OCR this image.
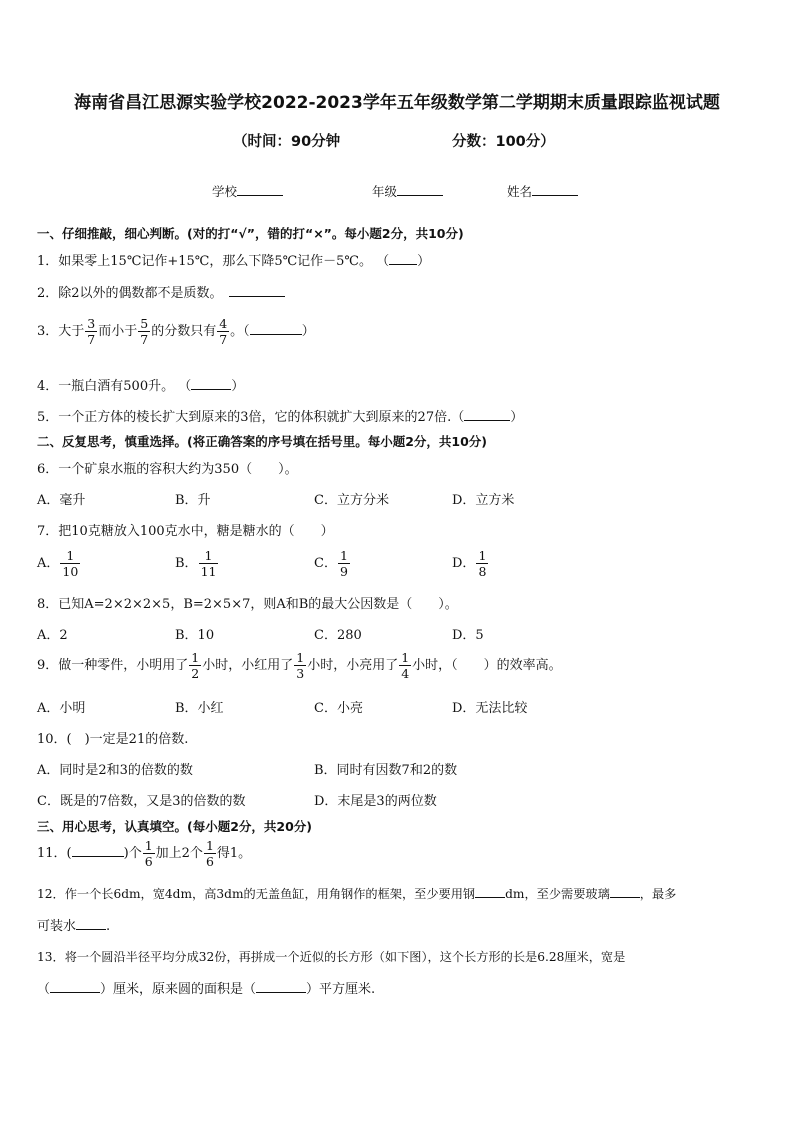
海南省昌江思源实验学校2022-2023学年五年级数学第二学期期末质量跟踪监视试题
（时间：90分钟	分数：100分）
学校	年级	姓名
一、仔细推敲，细心判断。(对的打“√”，错的打“×”。每小题2分，共10分)
1．如果零上15℃记作+15℃，那么下降5℃记作－5℃。 （ ）
2．除2以外的偶数都不是质数。
3．大于 $\frac{3}{7}$ 而小于 $\frac{5}{7}$ 的分数只有 $\frac{4}{7}$ 。（	）
4．一瓶白酒有500升。 （	）
5．一个正方体的棱长扩大到原来的3倍，它的体积就扩大到原来的27倍.（	）
二、反复思考，慎重选择。(将正确答案的序号填在括号里。每小题2分，共10分)
6．一个矿泉水瓶的容积大约为350（　　）。
A．毫升	B．升	C．立方分米	D．立方米
7．把10克糖放入100克水中，糖是糖水的（　　）
A． $\frac{1}{10}$	B． $\frac{1}{11}$	C． $\frac{1}{9}$	D． $\frac{1}{8}$
8．已知A=2×2×2×5，B=2×5×7，则A和B的最大公因数是（　　）。
A．2	B．10	C．280	D．5
9．做一种零件，小明用了 $\frac{1}{2}$ 小时，小红用了 $\frac{1}{3}$ 小时，小亮用了 $\frac{1}{4}$ 小时，（　　）的效率高。
A．小明	B．小红	C．小亮	D．无法比较
10．(　)一定是21的倍数.
A．同时是2和3的倍数的数	B．同时有因数7和2的数
C．既是的7倍数，又是3的倍数的数	D．末尾是3的两位数
三、用心思考，认真填空。(每小题2分，共20分)
11．(	)个 $\frac{1}{6}$ 加上2个 $\frac{1}{6}$ 得1。
12．作一个长6dm，宽4dm，高3dm的无盖鱼缸，用角钢作的框架，至少要用钢 dm，至少需要玻璃 ，最多
可装水 .
13．将一个圆沿半径平均分成32份，再拼成一个近似的长方形（如下图），这个长方形的长是6.28厘米，宽是
（	）厘米，原来圆的面积是（	）平方厘米.
